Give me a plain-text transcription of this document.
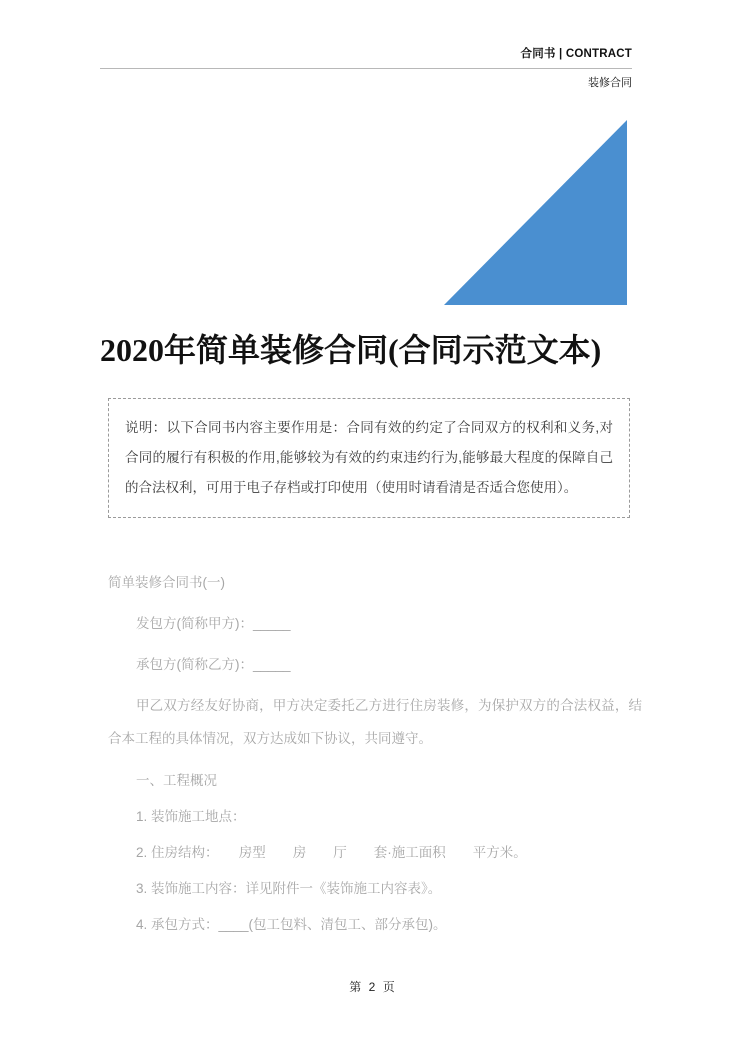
合同书 | CONTRACT
装修合同
2020年简单装修合同(合同示范文本)
说明：以下合同书内容主要作用是：合同有效的约定了合同双方的权利和义务,对合同的履行有积极的作用,能够较为有效的约束违约行为,能够最大程度的保障自己的合法权利，可用于电子存档或打印使用（使用时请看清是否适合您使用）。

简单装修合同书(一)

发包方(简称甲方)：_____

承包方(简称乙方)：_____

甲乙双方经友好协商，甲方决定委托乙方进行住房装修，为保护双方的合法权益，结合本工程的具体情况，双方达成如下协议，共同遵守。

一、工程概况

1. 装饰施工地点：

2. 住房结构：　　房型　　房　　厅　　套·施工面积　　平方米。

3. 装饰施工内容：详见附件一《装饰施工内容表》。

4. 承包方式：____(包工包料、清包工、部分承包)。

第 2 页
